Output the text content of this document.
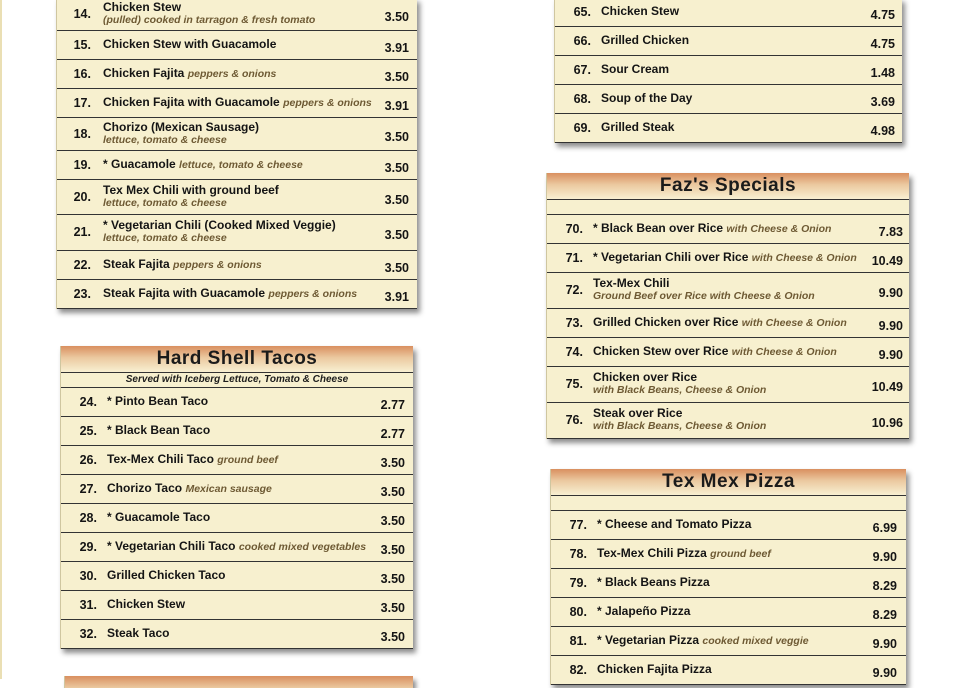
14. Chicken Stew
(pulled) cooked in tarragon & fresh tomato	3.50
15. Chicken Stew with Guacamole	3.91
16. Chicken Fajita peppers & onions	3.50
17. Chicken Fajita with Guacamole peppers & onions	3.91
18. Chorizo (Mexican Sausage)
lettuce, tomato & cheese	3.50
19. * Guacamole lettuce, tomato & cheese	3.50
20. Tex Mex Chili with ground beef
lettuce, tomato & cheese	3.50
21. * Vegetarian Chili (Cooked Mixed Veggie)
lettuce, tomato & cheese	3.50
22. Steak Fajita peppers & onions	3.50
23. Steak Fajita with Guacamole peppers & onions	3.91
Hard Shell Tacos
Served with Iceberg Lettuce, Tomato & Cheese
24. * Pinto Bean Taco	2.77
25. * Black Bean Taco	2.77
26. Tex-Mex Chili Taco ground beef	3.50
27. Chorizo Taco Mexican sausage	3.50
28. * Guacamole Taco	3.50
29. * Vegetarian Chili Taco cooked mixed vegetables	3.50
30. Grilled Chicken Taco	3.50
31. Chicken Stew	3.50
32. Steak Taco	3.50
65. Chicken Stew	4.75
66. Grilled Chicken	4.75
67. Sour Cream	1.48
68. Soup of the Day	3.69
69. Grilled Steak	4.98
Faz's Specials
70. * Black Bean over Rice with Cheese & Onion	7.83
71. * Vegetarian Chili over Rice with Cheese & Onion	10.49
72. Tex-Mex Chili
Ground Beef over Rice with Cheese & Onion	9.90
73. Grilled Chicken over Rice with Cheese & Onion	9.90
74. Chicken Stew over Rice with Cheese & Onion	9.90
75. Chicken over Rice
with Black Beans, Cheese & Onion	10.49
76. Steak over Rice
with Black Beans, Cheese & Onion	10.96
Tex Mex Pizza
77. * Cheese and Tomato Pizza	6.99
78. Tex-Mex Chili Pizza ground beef	9.90
79. * Black Beans Pizza	8.29
80. * Jalapeño Pizza	8.29
81. * Vegetarian Pizza cooked mixed veggie	9.90
82. Chicken Fajita Pizza	9.90
